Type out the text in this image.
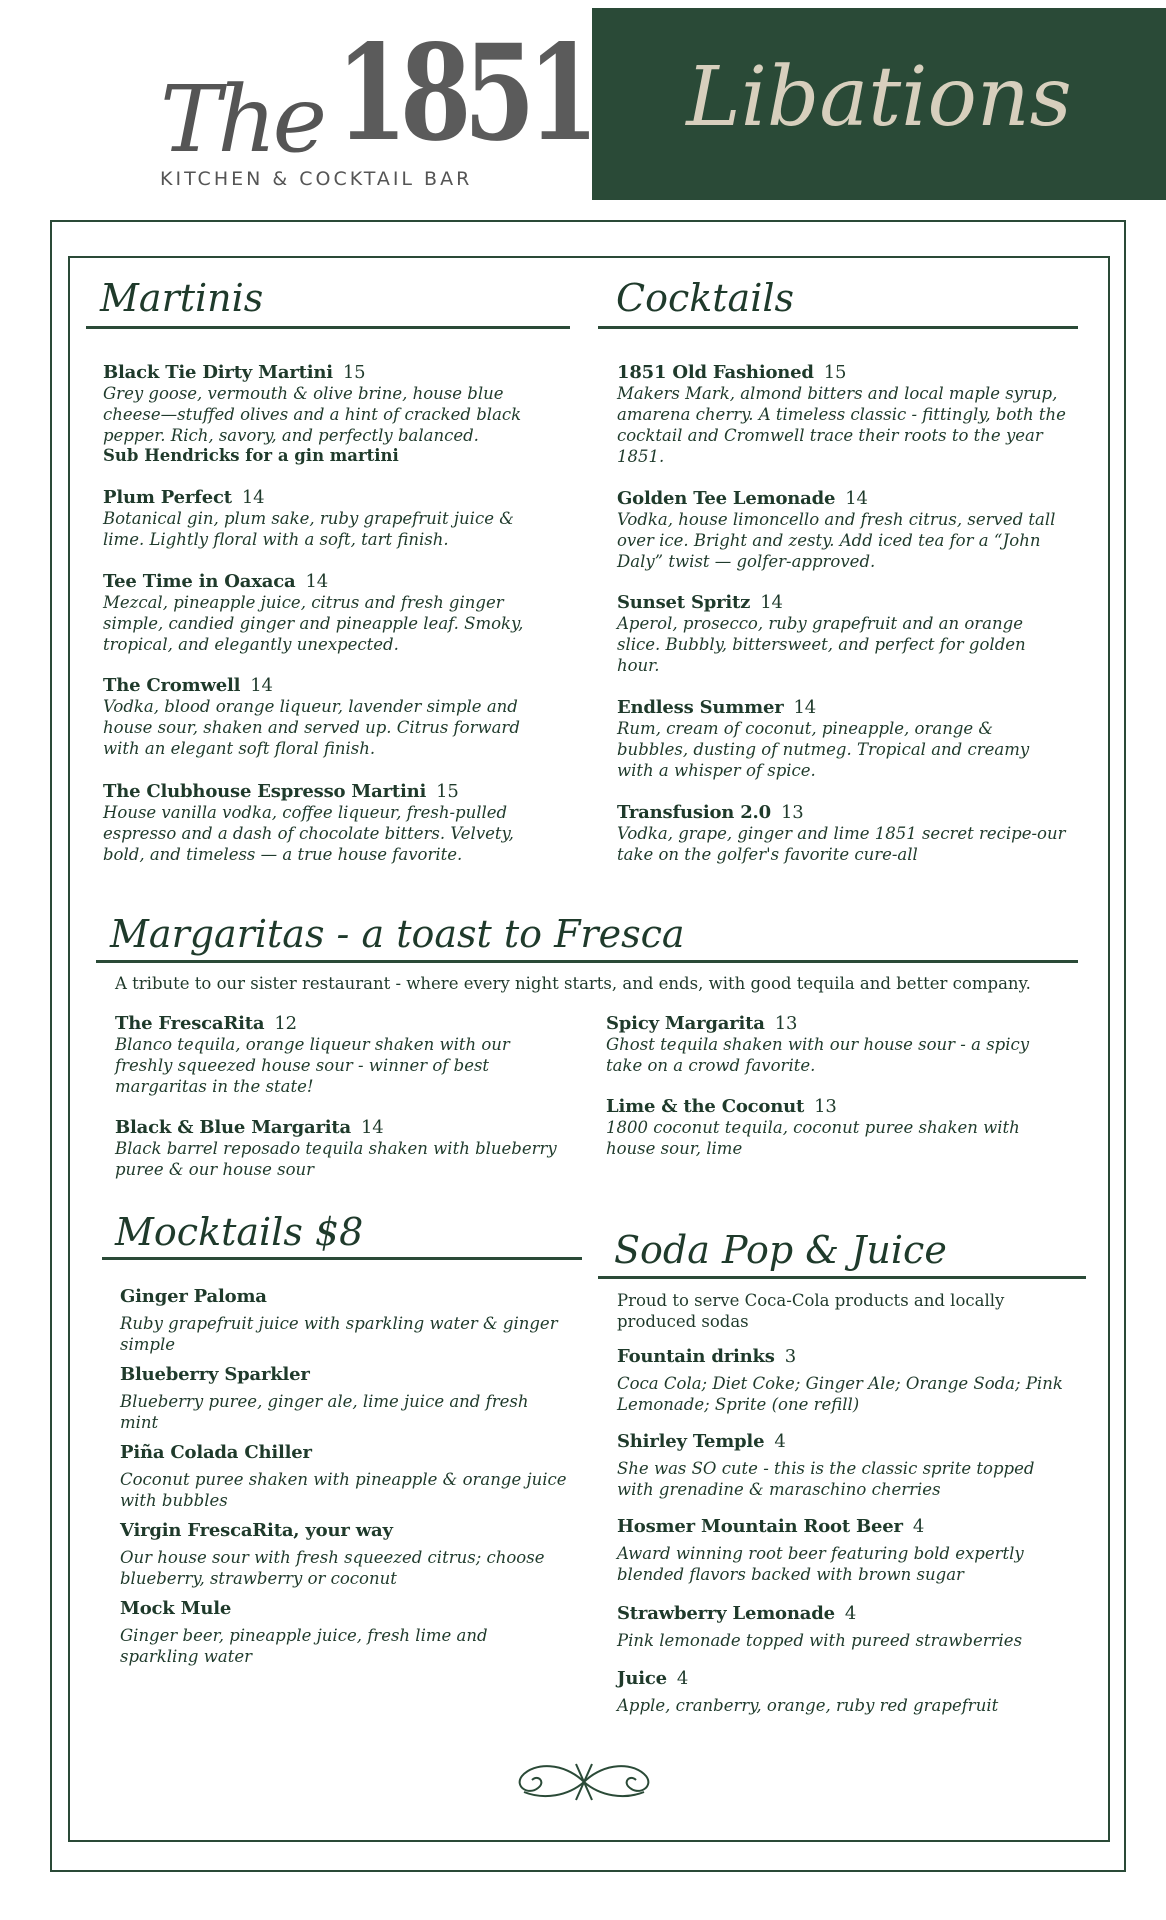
The 1851
KITCHEN & COCKTAIL BAR
Libations
Martinis
Black Tie Dirty Martini 15
Grey goose, vermouth & olive brine, house blue cheese—stuffed olives and a hint of cracked black pepper. Rich, savory, and perfectly balanced.
Sub Hendricks for a gin martini
Plum Perfect 14
Botanical gin, plum sake, ruby grapefruit juice & lime. Lightly floral with a soft, tart finish.
Tee Time in Oaxaca 14
Mezcal, pineapple juice, citrus and fresh ginger simple, candied ginger and pineapple leaf. Smoky, tropical, and elegantly unexpected.
The Cromwell 14
Vodka, blood orange liqueur, lavender simple and house sour, shaken and served up. Citrus forward with an elegant soft floral finish.
The Clubhouse Espresso Martini 15
House vanilla vodka, coffee liqueur, fresh-pulled espresso and a dash of chocolate bitters. Velvety, bold, and timeless — a true house favorite.
Cocktails
1851 Old Fashioned 15
Makers Mark, almond bitters and local maple syrup, amarena cherry. A timeless classic - fittingly, both the cocktail and Cromwell trace their roots to the year 1851.
Golden Tee Lemonade 14
Vodka, house limoncello and fresh citrus, served tall over ice. Bright and zesty. Add iced tea for a “John Daly” twist — golfer-approved.
Sunset Spritz 14
Aperol, prosecco, ruby grapefruit and an orange slice. Bubbly, bittersweet, and perfect for golden hour.
Endless Summer 14
Rum, cream of coconut, pineapple, orange & bubbles, dusting of nutmeg. Tropical and creamy with a whisper of spice.
Transfusion 2.0 13
Vodka, grape, ginger and lime 1851 secret recipe-our take on the golfer's favorite cure-all
Margaritas - a toast to Fresca
A tribute to our sister restaurant - where every night starts, and ends, with good tequila and better company.
The FrescaRita 12
Blanco tequila, orange liqueur shaken with our freshly squeezed house sour - winner of best margaritas in the state!
Black & Blue Margarita 14
Black barrel reposado tequila shaken with blueberry puree & our house sour
Spicy Margarita 13
Ghost tequila shaken with our house sour - a spicy take on a crowd favorite.
Lime & the Coconut 13
1800 coconut tequila, coconut puree shaken with house sour, lime
Mocktails $8
Ginger Paloma
Ruby grapefruit juice with sparkling water & ginger simple
Blueberry Sparkler
Blueberry puree, ginger ale, lime juice and fresh mint
Piña Colada Chiller
Coconut puree shaken with pineapple & orange juice with bubbles
Virgin FrescaRita, your way
Our house sour with fresh squeezed citrus; choose blueberry, strawberry or coconut
Mock Mule
Ginger beer, pineapple juice, fresh lime and sparkling water
Soda Pop & Juice
Proud to serve Coca-Cola products and locally produced sodas
Fountain drinks 3
Coca Cola; Diet Coke; Ginger Ale; Orange Soda; Pink Lemonade; Sprite (one refill)
Shirley Temple 4
She was SO cute - this is the classic sprite topped with grenadine & maraschino cherries
Hosmer Mountain Root Beer 4
Award winning root beer featuring bold expertly blended flavors backed with brown sugar
Strawberry Lemonade 4
Pink lemonade topped with pureed strawberries
Juice 4
Apple, cranberry, orange, ruby red grapefruit
